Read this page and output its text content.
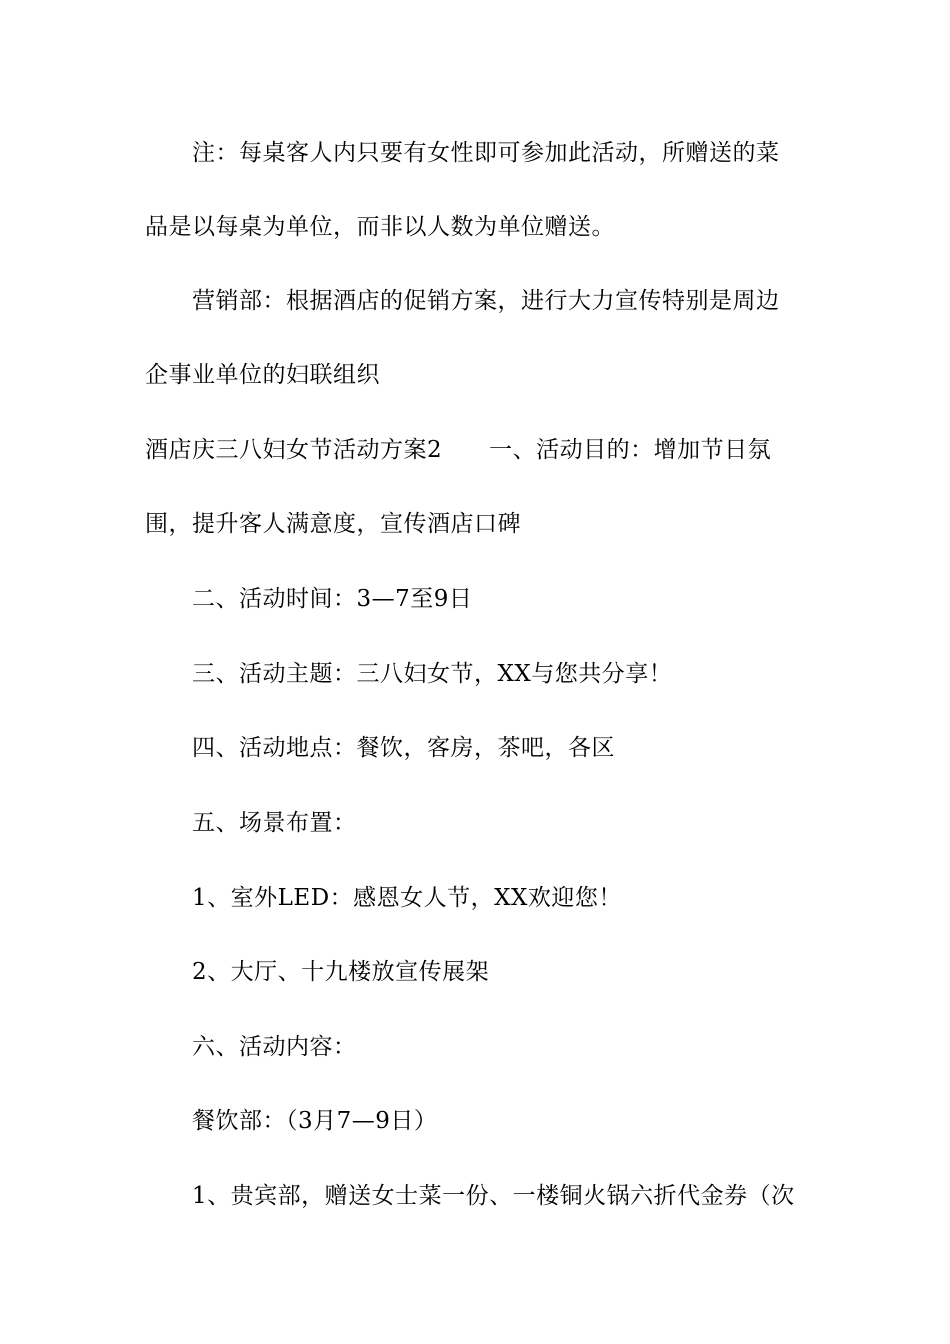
注：每桌客人内只要有女性即可参加此活动，所赠送的菜
品是以每桌为单位，而非以人数为单位赠送。
营销部：根据酒店的促销方案，进行大力宣传特别是周边
企事业单位的妇联组织
酒店庆三八妇女节活动方案2　　一、活动目的：增加节日氛
围，提升客人满意度，宣传酒店口碑
二、活动时间：3—7至9日
三、活动主题：三八妇女节，XX与您共分享！
四、活动地点：餐饮，客房，茶吧，各区
五、场景布置：
1、室外LED：感恩女人节，XX欢迎您！
2、大厅、十九楼放宣传展架
六、活动内容：
餐饮部：（3月7—9日）
1、贵宾部，赠送女士菜一份、一楼铜火锅六折代金券（次
